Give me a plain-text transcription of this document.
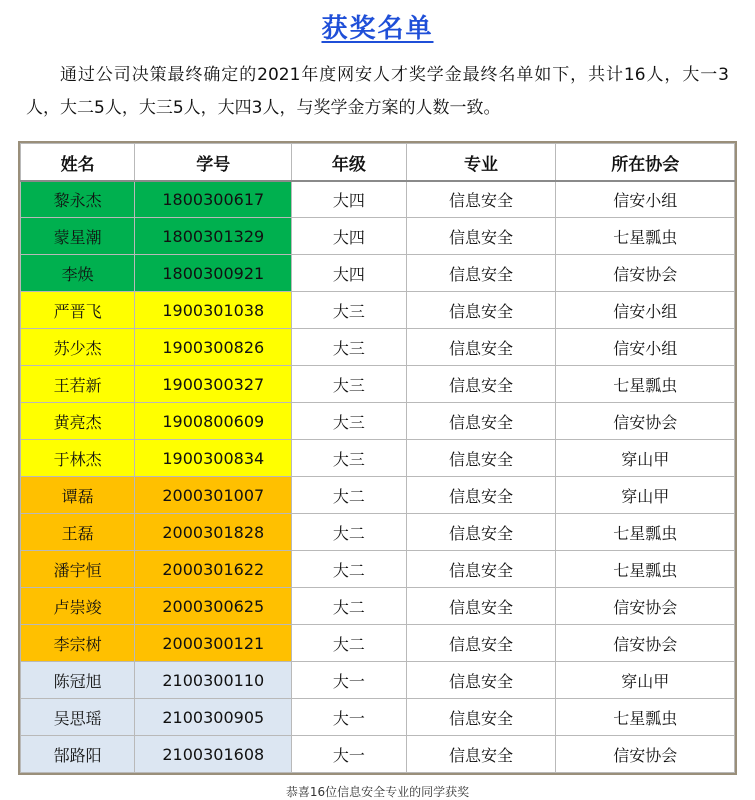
获奖名单

通过公司决策最终确定的2021年度网安人才奖学金最终名单如下，共计16人，大一3人，大二5人，大三5人，大四3人，与奖学金方案的人数一致。

姓名	学号	年级	专业	所在协会
黎永杰	1800300617	大四	信息安全	信安小组
蒙星潮	1800301329	大四	信息安全	七星瓢虫
李焕	1800300921	大四	信息安全	信安协会
严晋飞	1900301038	大三	信息安全	信安小组
苏少杰	1900300826	大三	信息安全	信安小组
王若新	1900300327	大三	信息安全	七星瓢虫
黄亮杰	1900800609	大三	信息安全	信安协会
于林杰	1900300834	大三	信息安全	穿山甲
谭磊	2000301007	大二	信息安全	穿山甲
王磊	2000301828	大二	信息安全	七星瓢虫
潘宇恒	2000301622	大二	信息安全	七星瓢虫
卢崇竣	2000300625	大二	信息安全	信安协会
李宗树	2000300121	大二	信息安全	信安协会
陈冠旭	2100300110	大一	信息安全	穿山甲
吴思瑶	2100300905	大一	信息安全	七星瓢虫
郜路阳	2100301608	大一	信息安全	信安协会
恭喜16位信息安全专业的同学获奖
